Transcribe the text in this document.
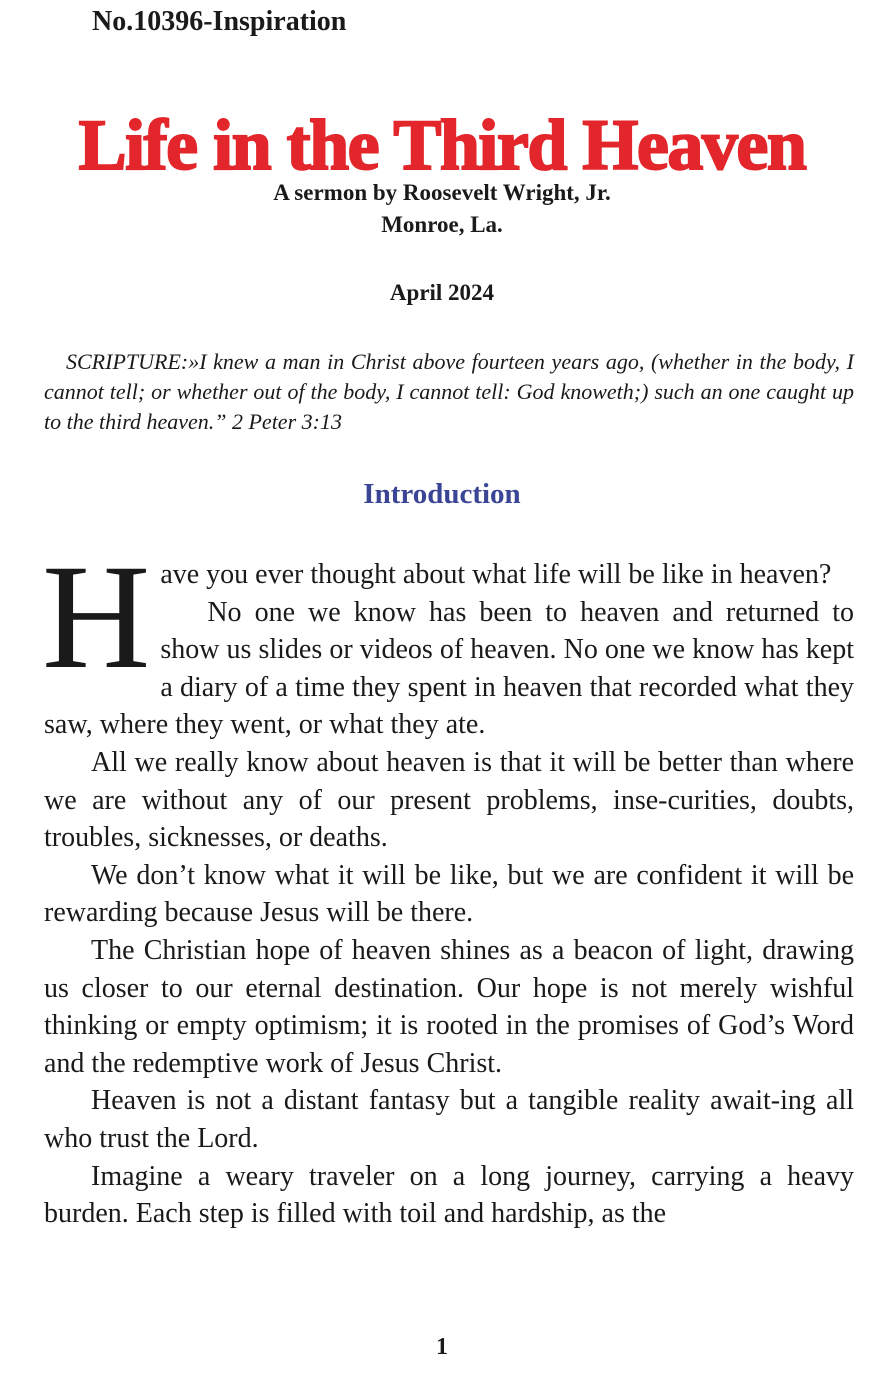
No.10396-Inspiration
Life in the Third Heaven
A sermon by Roosevelt Wright, Jr.
Monroe, La.
April 2024
SCRIPTURE:»I knew a man in Christ above fourteen years ago, (whether in the body, I cannot tell; or whether out of the body, I cannot tell: God knoweth;) such an one caught up to the third heaven.” 2 Peter 3:13
Introduction
H ave you ever thought about what life will be like in heaven?

No one we know has been to heaven and returned to show us slides or videos of heaven. No one we know has kept a diary of a time they spent in heaven that recorded what they saw, where they went, or what they ate.

All we really know about heaven is that it will be better than where we are without any of our present problems, inse-curities, doubts, troubles, sicknesses, or deaths.

We don’t know what it will be like, but we are confident it will be rewarding because Jesus will be there.

The Christian hope of heaven shines as a beacon of light, drawing us closer to our eternal destination. Our hope is not merely wishful thinking or empty optimism; it is rooted in the promises of God’s Word and the redemptive work of Jesus Christ.

Heaven is not a distant fantasy but a tangible reality await-ing all who trust the Lord.

Imagine a weary traveler on a long journey, carrying a heavy burden. Each step is filled with toil and hardship, as the

1
